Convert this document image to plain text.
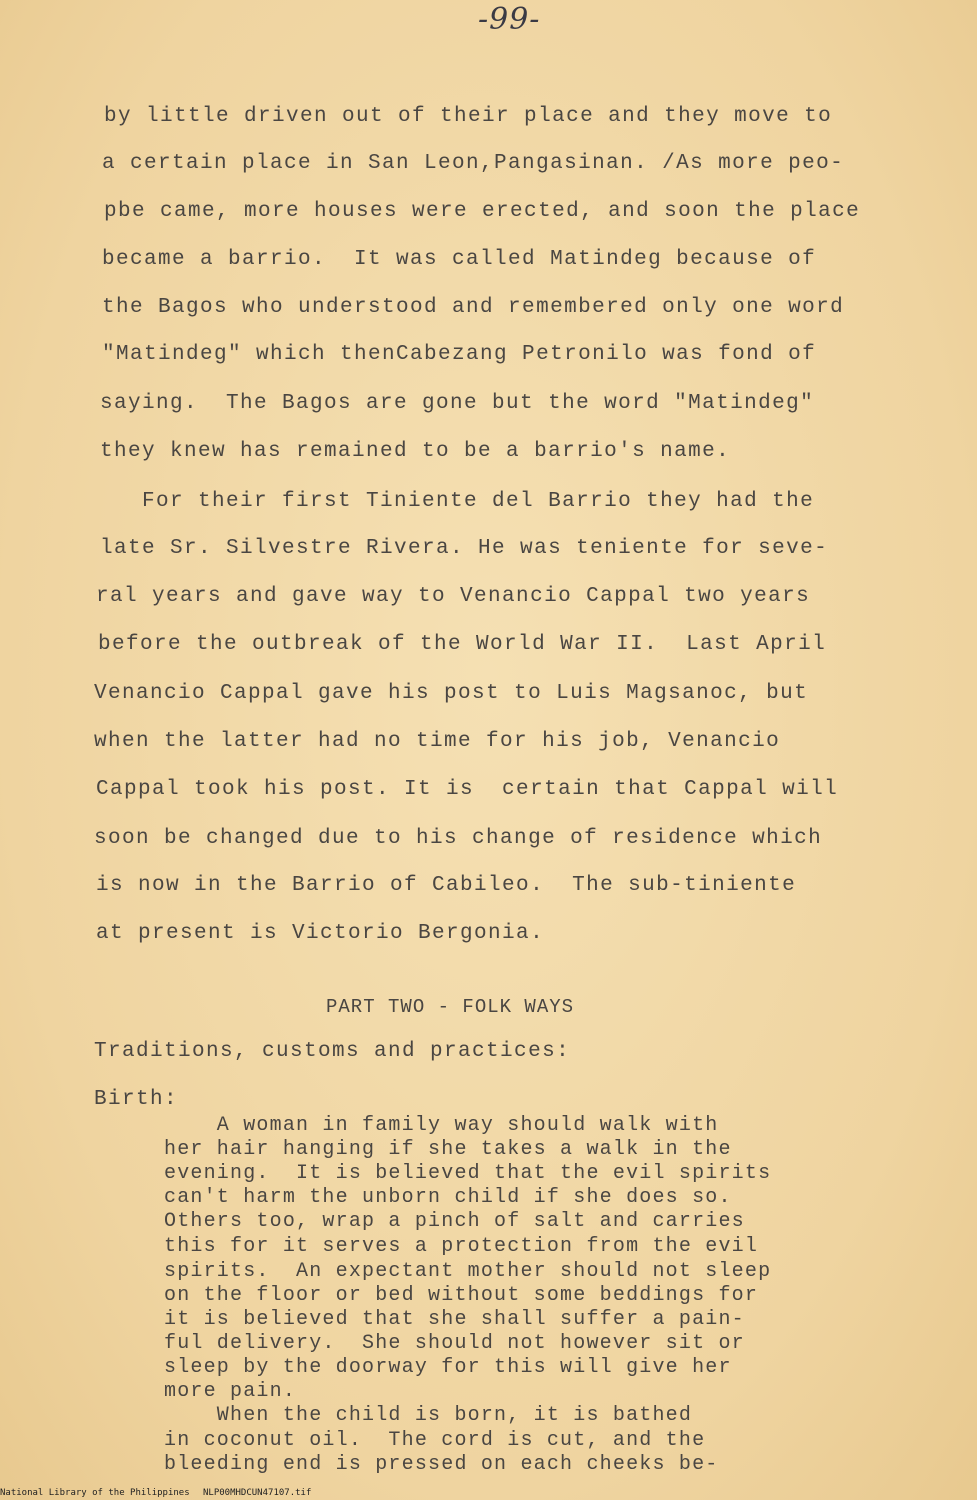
-99-
by little driven out of their place and they move to
a certain place in San Leon,Pangasinan. /As more peo-
pbe came, more houses were erected, and soon the place
became a barrio.  It was called Matindeg because of
the Bagos who understood and remembered only one word
"Matindeg" which thenCabezang Petronilo was fond of
saying.  The Bagos are gone but the word "Matindeg"
they knew has remained to be a barrio's name.
For their first Tiniente del Barrio they had the
late Sr. Silvestre Rivera. He was teniente for seve-
ral years and gave way to Venancio Cappal two years
before the outbreak of the World War II.  Last April
Venancio Cappal gave his post to Luis Magsanoc, but
when the latter had no time for his job, Venancio
Cappal took his post. It is  certain that Cappal will
soon be changed due to his change of residence which
is now in the Barrio of Cabileo.  The sub-tiniente
at present is Victorio Bergonia.
PART TWO - FOLK WAYS
Traditions, customs and practices:
Birth:
A woman in family way should walk with
her hair hanging if she takes a walk in the
evening.  It is believed that the evil spirits
can't harm the unborn child if she does so.
Others too, wrap a pinch of salt and carries
this for it serves a protection from the evil
spirits.  An expectant mother should not sleep
on the floor or bed without some beddings for
it is believed that she shall suffer a pain-
ful delivery.  She should not however sit or
sleep by the doorway for this will give her
more pain.
When the child is born, it is bathed
in coconut oil.  The cord is cut, and the
bleeding end is pressed on each cheeks be-
National Library of the Philippines NLP00MHDCUN47107.tif
